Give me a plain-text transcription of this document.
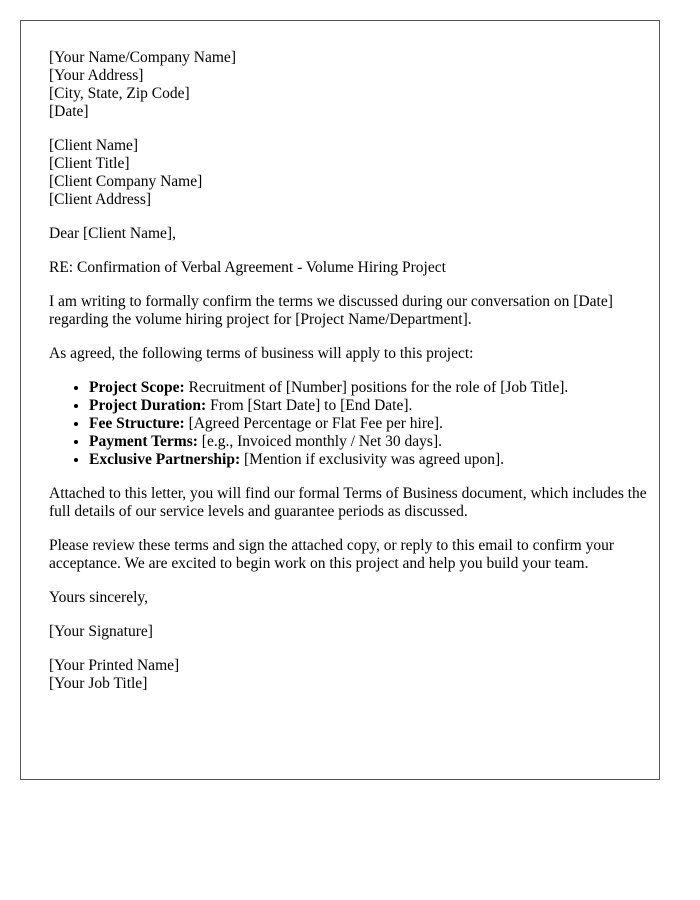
[Your Name/Company Name]
[Your Address]
[City, State, Zip Code]
[Date]
[Client Name]
[Client Title]
[Client Company Name]
[Client Address]

Dear [Client Name],

RE: Confirmation of Verbal Agreement - Volume Hiring Project

I am writing to formally confirm the terms we discussed during our conversation on [Date] regarding the volume hiring project for [Project Name/Department].

As agreed, the following terms of business will apply to this project:

• Project Scope: Recruitment of [Number] positions for the role of [Job Title].
• Project Duration: From [Start Date] to [End Date].
• Fee Structure: [Agreed Percentage or Flat Fee per hire].
• Payment Terms: [e.g., Invoiced monthly / Net 30 days].
• Exclusive Partnership: [Mention if exclusivity was agreed upon].

Attached to this letter, you will find our formal Terms of Business document, which includes the full details of our service levels and guarantee periods as discussed.

Please review these terms and sign the attached copy, or reply to this email to confirm your acceptance. We are excited to begin work on this project and help you build your team.

Yours sincerely,

[Your Signature]

[Your Printed Name]
[Your Job Title]
